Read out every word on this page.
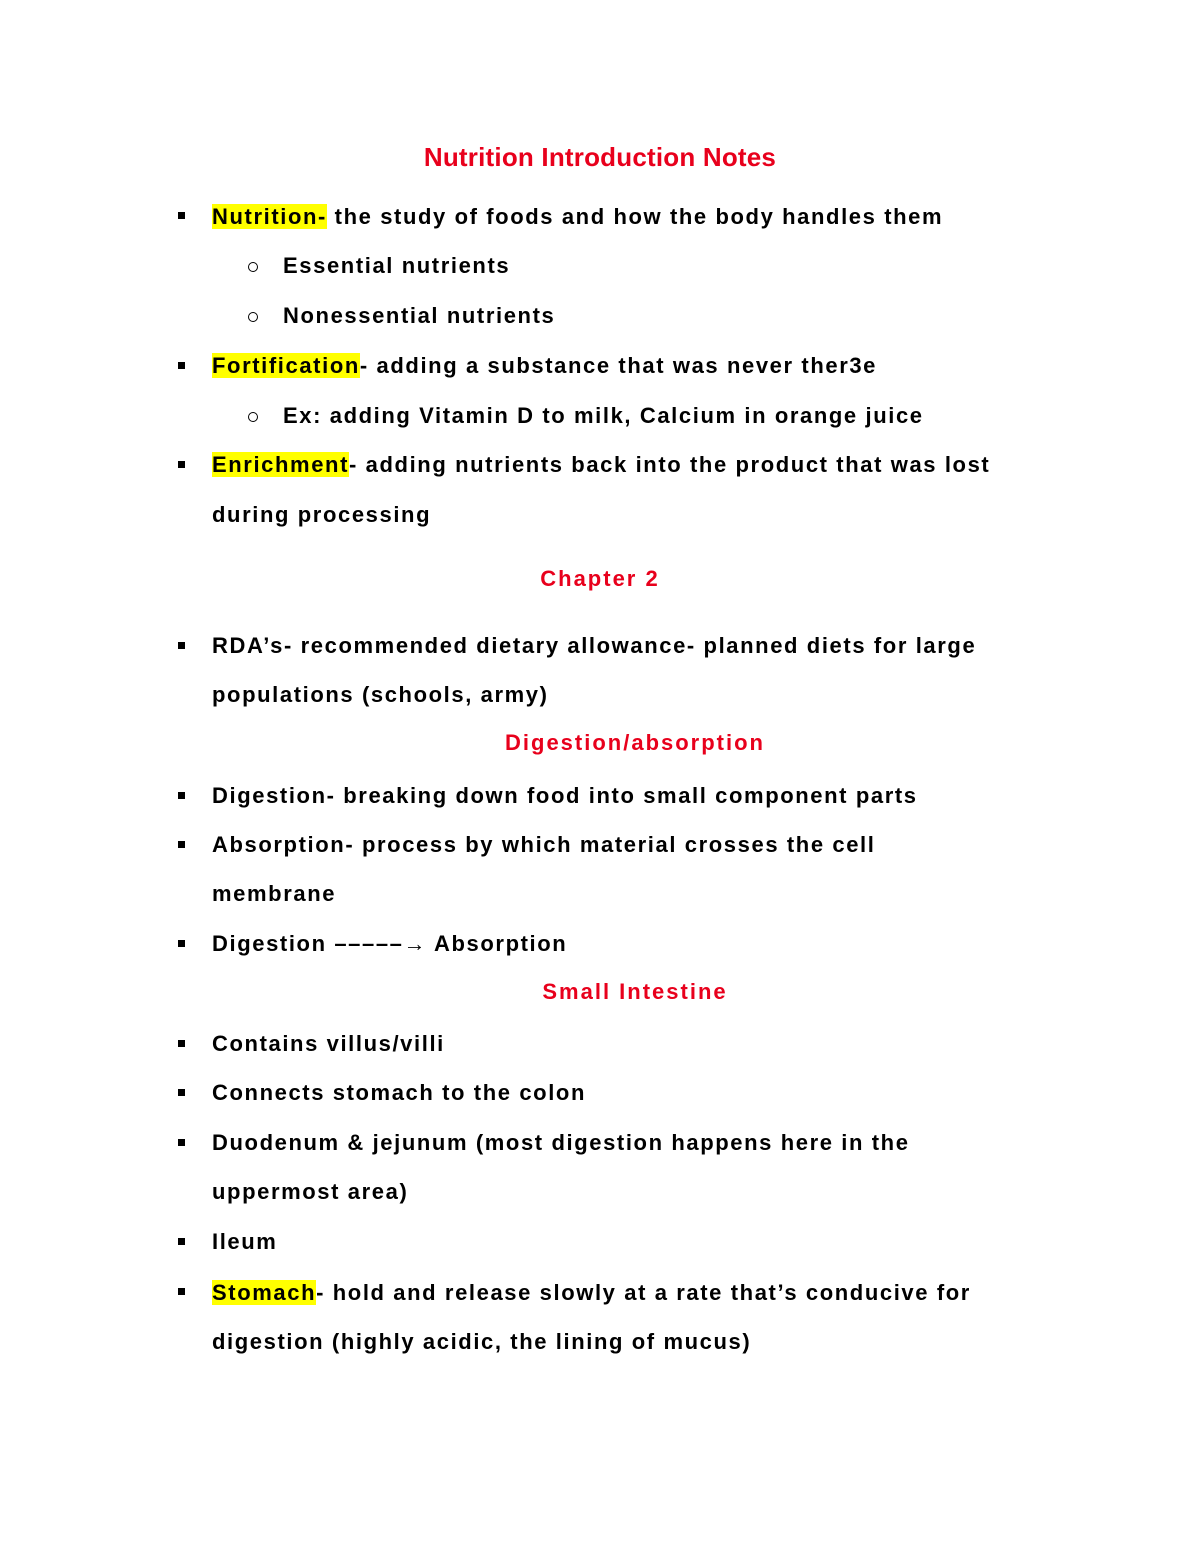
Nutrition Introduction Notes
Nutrition- the study of foods and how the body handles them
Essential nutrients
Nonessential nutrients
Fortification- adding a substance that was never ther3e
Ex: adding Vitamin D to milk, Calcium in orange juice
Enrichment- adding nutrients back into the product that was lost
during processing
Chapter 2
RDA’s- recommended dietary allowance- planned diets for large
populations (schools, army)
Digestion/absorption
Digestion- breaking down food into small component parts
Absorption- process by which material crosses the cell
membrane
Digestion –––––→ Absorption
Small Intestine
Contains villus/villi
Connects stomach to the colon
Duodenum & jejunum (most digestion happens here in the
uppermost area)
Ileum
Stomach- hold and release slowly at a rate that’s conducive for
digestion (highly acidic, the lining of mucus)
